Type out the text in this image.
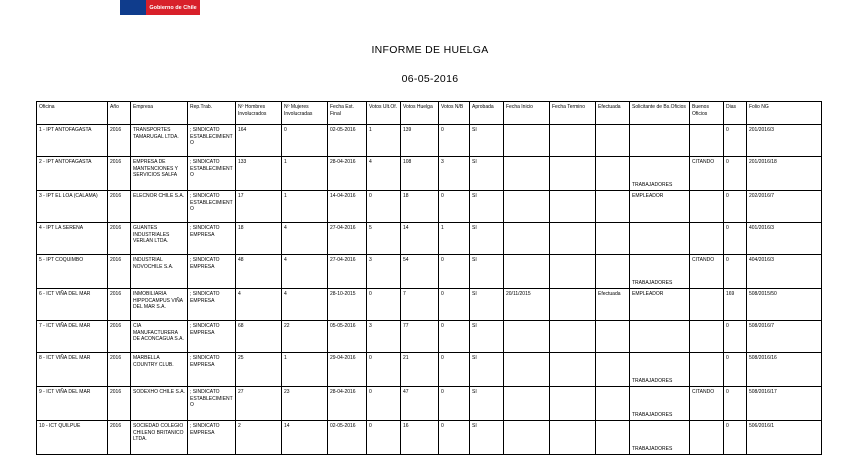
Gobierno de Chile
INFORME DE HUELGA
06-05-2016
Oficina	Año	Empresa	Rep.Trab.	Nº Hombres Involucrados	Nº Mujeres Involucradas	Fecha Est. Final	Votos Ult.Of.	Votos Huelga	Votos N/B	Aprobada	Fecha Inicio	Fecha Termino	Efectuada	Solicitante de Bs.Oficios	Buenos Oficios	Dias	Folio NG
1 - IPT ANTOFAGASTA	2016	TRANSPORTES TAMARUGAL LTDA.	; SINDICATO ESTABLECIMIENTO	164	0	02-05-2016	1	139	0	SI						0	201/2016/3
2 - IPT ANTOFAGASTA	2016	EMPRESA DE MANTENCIONES Y SERVICIOS SALFA	; SINDICATO ESTABLECIMIENTO	133	1	28-04-2016	4	108	3	SI				TRABAJADORES	CITANDO	0	201/2016/18
3 - IPT EL LOA (CALAMA)	2016	ELECNOR CHILE S.A.	; SINDICATO ESTABLECIMIENTO	17	1	14-04-2016	0	18	0	SI				EMPLEADOR		0	202/2016/7
4 - IPT LA SERENA	2016	GUANTES INDUSTRIALES VERLAN LTDA.	; SINDICATO EMPRESA	18	4	27-04-2016	5	14	1	SI						0	401/2016/3
5 - IPT COQUIMBO	2016	INDUSTRIAL NOVOCHILE S.A.	; SINDICATO EMPRESA	48	4	27-04-2016	3	54	0	SI				TRABAJADORES	CITANDO	0	404/2016/3
6 - ICT VIÑA DEL MAR	2016	INMOBILIARIA HIPPOCAMPUS VIÑA DEL MAR S.A.	; SINDICATO EMPRESA	4	4	28-10-2015	0	7	0	SI	20/11/2015		Efectuada	EMPLEADOR		169	508/2015/50
7 - ICT VIÑA DEL MAR	2016	CIA MANUFACTURERA DE ACONCAGUA S.A.	; SINDICATO EMPRESA	68	22	05-05-2016	3	77	0	SI						0	508/2016/7
8 - ICT VIÑA DEL MAR	2016	MARBELLA COUNTRY CLUB.	; SINDICATO EMPRESA	25	1	29-04-2016	0	21	0	SI				TRABAJADORES		0	508/2016/16
9 - ICT VIÑA DEL MAR	2016	SODEXHO CHILE S.A.	; SINDICATO ESTABLECIMIENTO	27	23	28-04-2016	0	47	0	SI				TRABAJADORES	CITANDO	0	508/2016/17
10 - ICT QUILPUE	2016	SOCIEDAD COLEGIO CHILENO BRITANICO LTDA.	; SINDICATO EMPRESA	2	14	02-05-2016	0	16	0	SI				TRABAJADORES		0	506/2016/1
